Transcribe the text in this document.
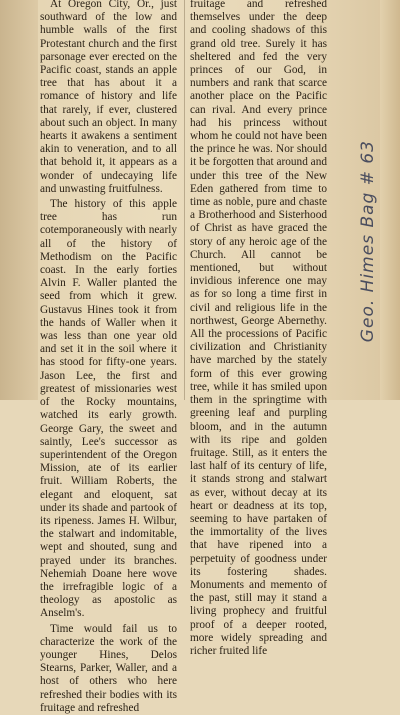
At Oregon City, Or., just southward of the low and humble walls of the first Protestant church and the first parsonage ever erected on the Pacific coast, stands an apple tree that has about it a romance of history and life that rarely, if ever, clustered about such an object. In many hearts it awakens a sentiment akin to veneration, and to all that behold it, it appears as a wonder of undecaying life and unwasting fruitfulness.

The history of this apple tree has run cotemporaneously with nearly all of the history of Methodism on the Pacific coast. In the early forties Alvin F. Waller planted the seed from which it grew. Gustavus Hines took it from the hands of Waller when it was less than one year old and set it in the soil where it has stood for fifty-one years. Jason Lee, the first and greatest of missionaries west of the Rocky mountains, watched its early growth. George Gary, the sweet and saintly, Lee's successor as superintendent of the Oregon Mission, ate of its earlier fruit. William Roberts, the elegant and eloquent, sat under its shade and partook of its ripeness. James H. Wilbur, the stalwart and indomitable, wept and shouted, sung and prayed under its branches. Nehemiah Doane here wove the irrefragible logic of a theology as apostolic as Anselm's.

Time would fail us to characterize the work of the younger Hines, Delos Stearns, Parker, Waller, and a host of others who here refreshed their bodies with its fruitage and refreshed

fruitage and refreshed themselves under the deep and cooling shadows of this grand old tree. Surely it has sheltered and fed the very princes of our God, in numbers and rank that scarce another place on the Pacific can rival. And every prince had his princess without whom he could not have been the prince he was. Nor should it be forgotten that around and under this tree of the New Eden gathered from time to time as noble, pure and chaste a Brotherhood and Sisterhood of Christ as have graced the story of any heroic age of the Church. All cannot be mentioned, but without invidious inference one may as for so long a time first in civil and religious life in the northwest, George Abernethy. All the processions of Pacific civilization and Christianity have marched by the stately form of this ever growing tree, while it has smiled upon them in the springtime with greening leaf and purpling bloom, and in the autumn with its ripe and golden fruitage. Still, as it enters the last half of its century of life, it stands strong and stalwart as ever, without decay at its heart or deadness at its top, seeming to have partaken of the immortality of the lives that have ripened into a perpetuity of goodness under its fostering shades. Monuments and memento of the past, still may it stand a living prophecy and fruitful proof of a deeper rooted, more widely spreading and richer fruited life

Geo. Himes Bag # 63
